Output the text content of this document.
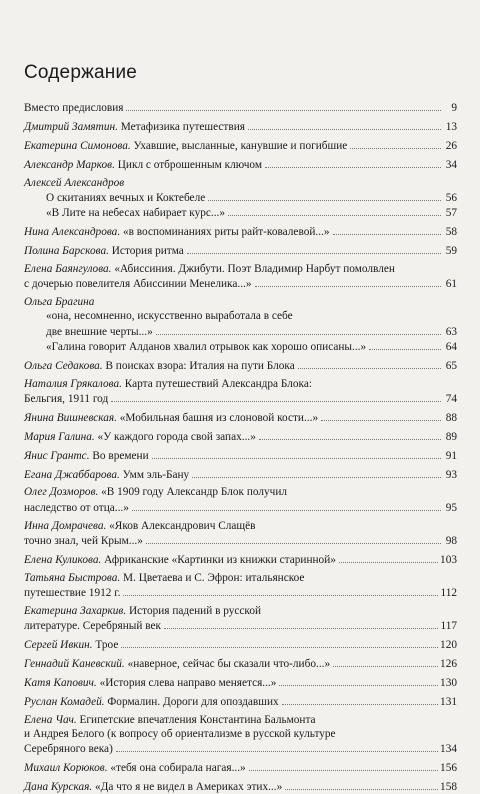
Содержание
Вместо предисловия	9
Дмитрий Замятин. Метафизика путешествия	13
Екатерина Симонова. Ухавшие, высланные, канувшие и погибшие	26
Александр Марков. Цикл с отброшенным ключом	34
Алексей Александров
О скитаниях вечных и Коктебеле	56
«В Лите на небесах набирает курс...»	57
Нина Александрова. «в воспоминаниях риты райт-ковалевой...»	58
Полина Барскова. История ритма	59
Елена Баянгулова. «Абиссиния. Джибути. Поэт Владимир Нарбут помолвлен
с дочерью повелителя Абиссинии Менелика...»	61
Ольга Брагина
«она, несомненно, искусственно выработала в себе
две внешние черты...»	63
«Галина говорит Алданов хвалил отрывок как хорошо описаны...»	64
Ольга Седакова. В поисках взора: Италия на пути Блока	65
Наталия Грякалова. Карта путешествий Александра Блока:
Бельгия, 1911 год	74
Янина Вишневская. «Мобильная башня из слоновой кости...»	88
Мария Галина. «У каждого города свой запах...»	89
Янис Грантс. Во времени	91
Егана Джаббарова. Умм эль-Бану	93
Олег Дозморов. «В 1909 году Александр Блок получил
наследство от отца...»	95
Инна Домрачева. «Яков Александрович Слащёв
точно знал, чей Крым...»	98
Елена Куликова. Африканские «Картинки из книжки старинной»	103
Татьяна Быстрова. М. Цветаева и С. Эфрон: итальянское
путешествие 1912 г.	112
Екатерина Захаркив. История падений в русской
литературе. Серебряный век	117
Сергей Ивкин. Трое	120
Геннадий Каневский. «наверное, сейчас бы сказали что-либо...»	126
Катя Капович. «История слева направо меняется...»	130
Руслан Комадей. Формалин. Дороги для опоздавших	131
Елена Чач. Египетские впечатления Константина Бальмонта
и Андрея Белого (к вопросу об ориентализме в русской культуре
Серебряного века)	134
Михаил Корюков. «тебя она собирала нагая...»	156
Дана Курская. «Да что я не видел в Америках этих...»	158
